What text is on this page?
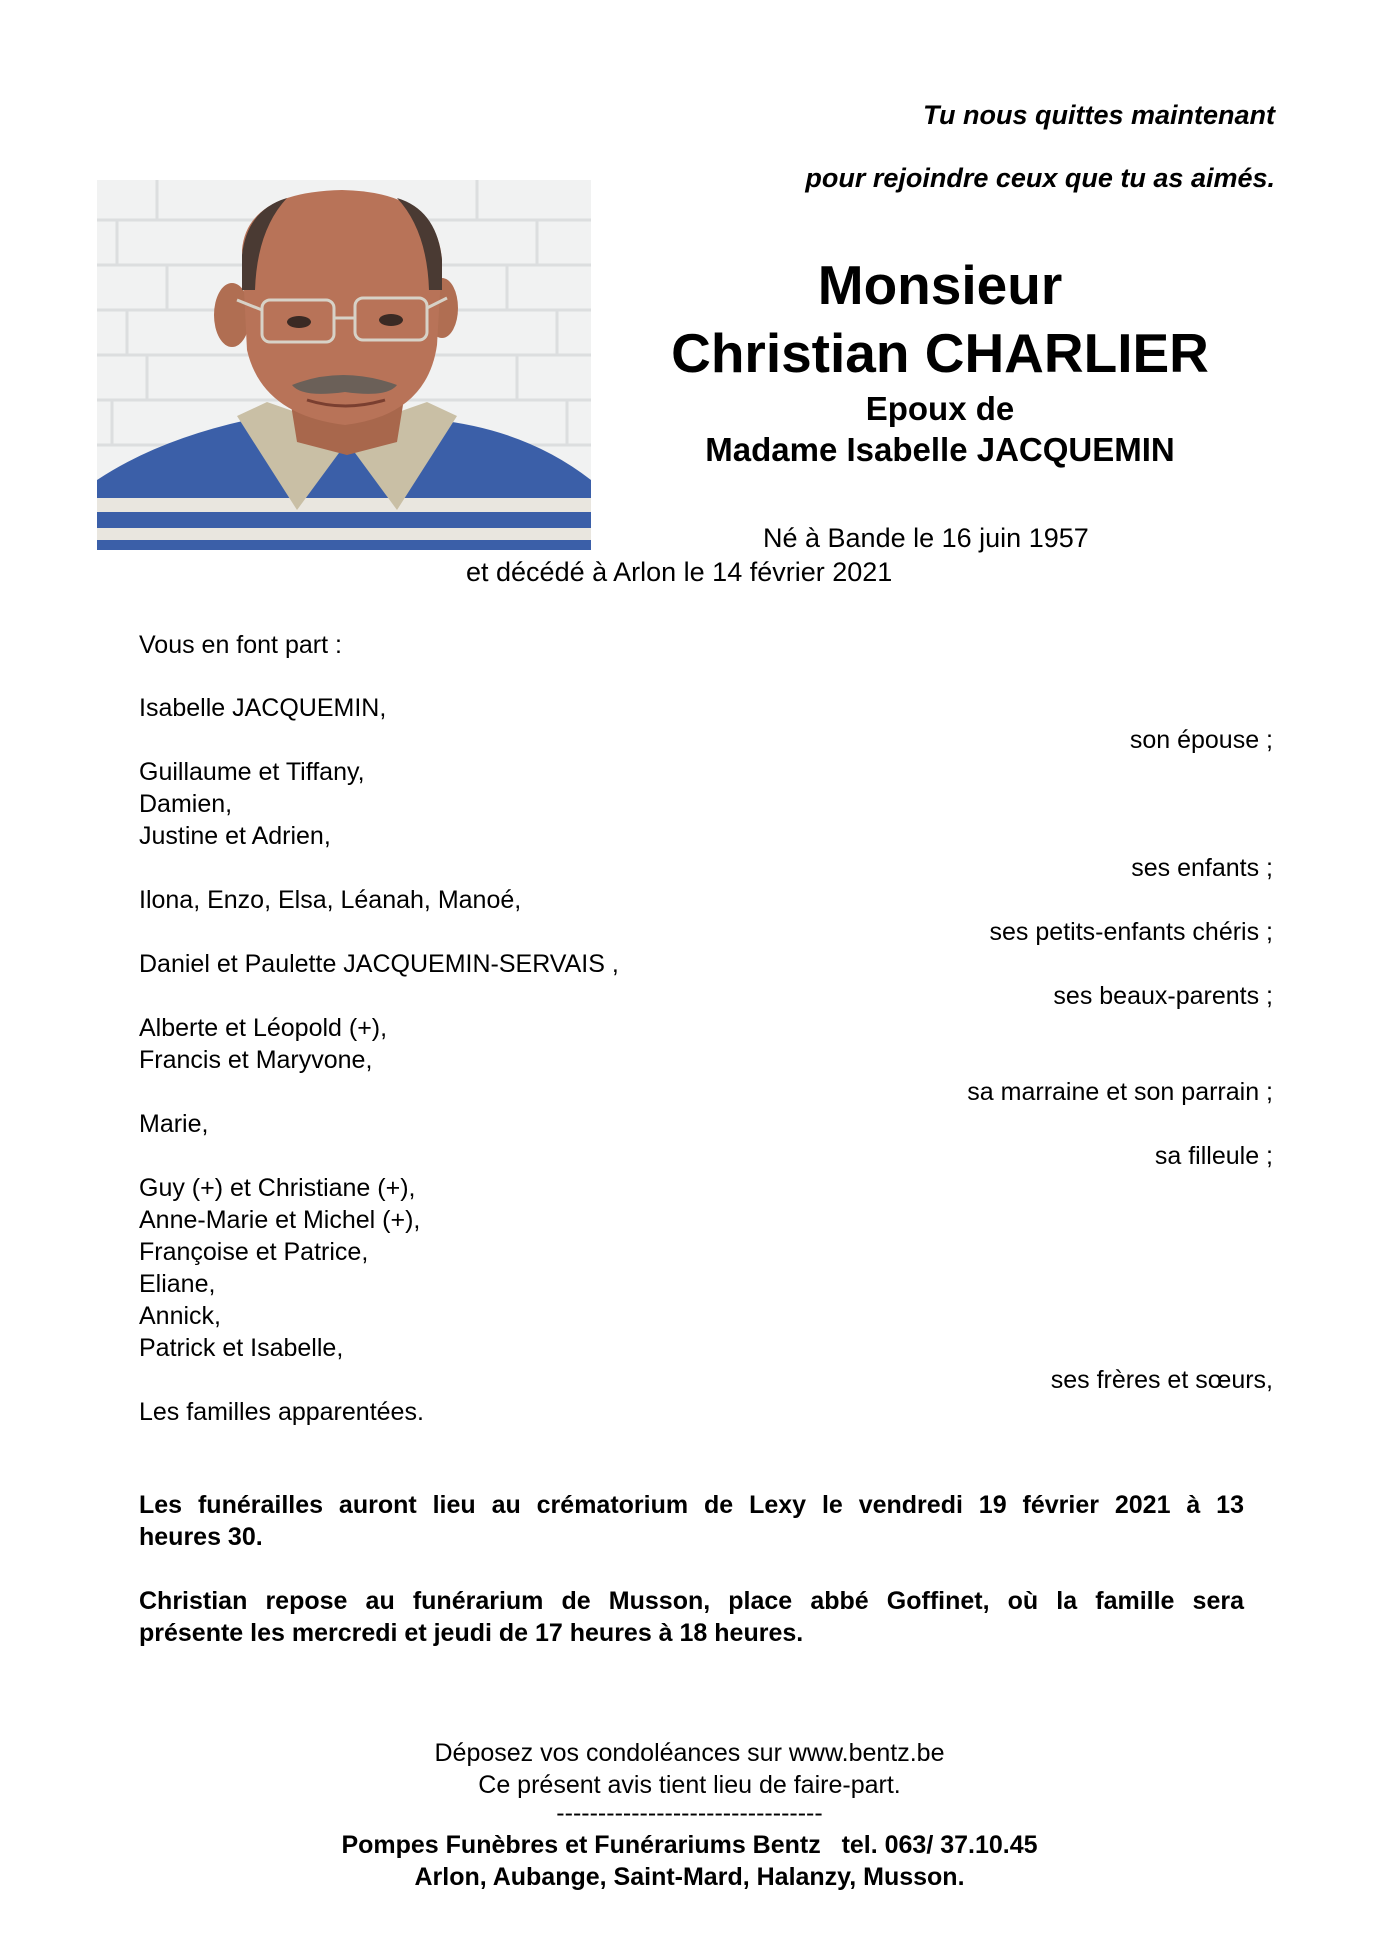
Tu nous quittes maintenant
pour rejoindre ceux que tu as aimés.
Monsieur
Christian CHARLIER
Epoux de
Madame Isabelle JACQUEMIN
Né à Bande le 16 juin 1957
et décédé à Arlon le 14 février 2021
Vous en font part :
Isabelle JACQUEMIN,
son épouse ;
Guillaume et Tiffany,
Damien,
Justine et Adrien,
ses enfants ;
Ilona, Enzo, Elsa, Léanah, Manoé,
ses petits-enfants chéris ;
Daniel et Paulette JACQUEMIN-SERVAIS ,
ses beaux-parents ;
Alberte et Léopold (+),
Francis et Maryvone,
sa marraine et son parrain ;
Marie,
sa filleule ;
Guy (+) et Christiane (+),
Anne-Marie et Michel (+),
Françoise et Patrice,
Eliane,
Annick,
Patrick et Isabelle,
ses frères et sœurs,
Les familles apparentées.
Les funérailles auront lieu au crématorium de Lexy le vendredi 19 février 2021 à 13
heures 30.
Christian repose au funérarium de Musson, place abbé Goffinet, où la famille sera
présente les mercredi et jeudi de 17 heures à 18 heures.
Déposez vos condoléances sur www.bentz.be
Ce présent avis tient lieu de faire-part.
--------------------------------
Pompes Funèbres et Funérariums Bentz   tel. 063/ 37.10.45
Arlon, Aubange, Saint-Mard, Halanzy, Musson.
